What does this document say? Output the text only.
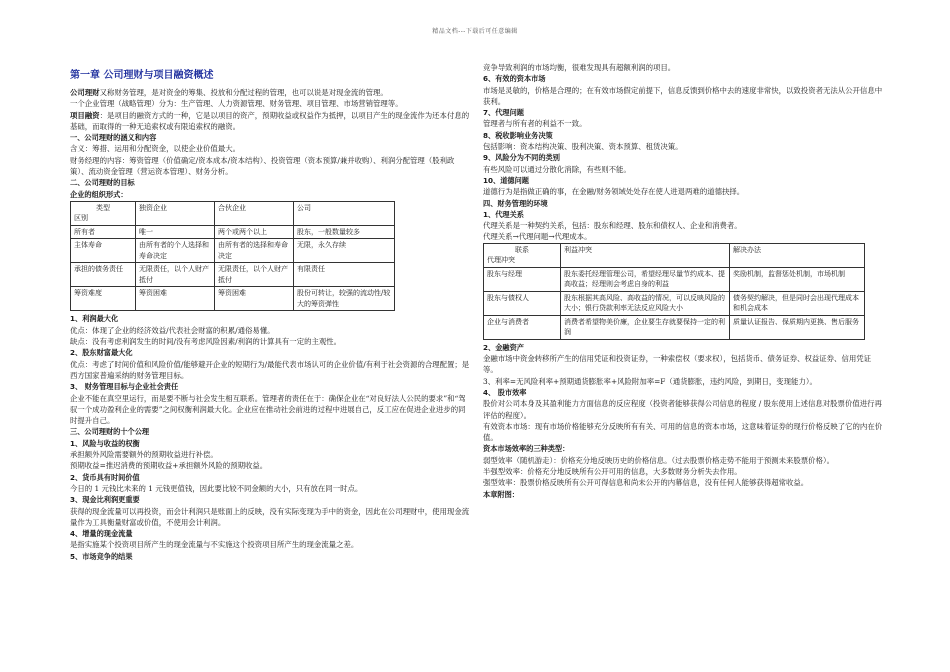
精品文档---下载后可任意编辑
第一章 公司理财与项目融资概述

公司理财又称财务管理，是对资金的筹集、投放和分配过程的管理，也可以说是对现金流的管理。

一个企业管理（战略管理）分为：生产管理、人力资源管理、财务管理、项目管理、市场营销管理等。

项目融资：是项目的融资方式的一种，它是以项目的资产，预期收益或权益作为抵押，以项目产生的现金流作为还本付息的基础，而取得的一种无追索权或有限追索权的融资。

一、公司理财的涵义和内容

含义：筹措、运用和分配资金，以使企业价值最大。

财务经理的内容：筹资管理（价值确定/资本成本/资本结构）、投资管理（资本预算/兼并收购）、利润分配管理（股利政策）、流动资金管理（营运资本管理）、财务分析。

二、公司理财的目标

企业的组织形式：

类型
区别	独资企业	合伙企业	公司
所有者	唯一	两个或两个以上	股东，一般数量较多
主体寿命	由所有者的个人选择和寿命决定	由所有者的选择和寿命决定	无限，永久存续
承担的债务责任	无限责任，以个人财产抵付	无限责任，以个人财产抵付	有限责任
筹资难度	筹资困难	筹资困难	股份可转让，较强的流动性/较大的筹资弹性

1、利润最大化

优点：体现了企业的经济效益/代表社会财富的积累/通俗易懂。

缺点：没有考虑利润发生的时间/没有考虑风险因素/利润的计算具有一定的主观性。

2、股东财富最大化

优点：考虑了时间价值和风险价值/能够避开企业的短期行为/最能代表市场认可的企业价值/有利于社会资源的合理配置；是西方国家普遍采纳的财务管理目标。

3、 财务管理目标与企业社会责任

企业不能在真空里运行，而是要不断与社会发生相互联系。管理者的责任在于：确保企业在“对良好法人公民的要求”和“驾驭一个成功盈利企业的需要”之间权衡利润最大化。企业应在推动社会前进的过程中进展自己，反工应在促进企业进步的同时提升自己。

三、公司理财的十个公理

1、风险与收益的权衡

承担额外风险需要额外的预期收益进行补偿。

预期收益=推迟消费的预期收益+承担额外风险的预期收益。

2、货币具有时间价值

今日的 1 元钱比未来的 1 元钱更值钱，因此要比较不同金额的大小，只有放在同一时点。

3、现金比利润更重要

获得的现金流量可以再投资，而会计利润只是账面上的反映，没有实际变现为手中的资金，因此在公司理财中，使用现金流量作为工具衡量财富或价值，不使用会计利润。

4、增量的现金流量

是指实施某个投资项目所产生的现金流量与不实施这个投资项目所产生的现金流量之差。

5、市场竞争的结果

竞争导致利润的市场均衡，很难发现具有超额利润的项目。

6、有效的资本市场

市场是灵敏的，价格是合理的；在有效市场假定前提下，信息反馈到价格中去的速度非常快，以致投资者无法从公开信息中获利。

7、代理问题

管理者与所有者的利益不一致。

8、税收影响业务决策

包括影响：资本结构决策、股利决策、资本预算、租赁决策。

9、风险分为不同的类别

有些风险可以通过分散化消除，有些则不能。

10、道德问题

道德行为是指做正确的事，在金融/财务领域处处存在使人进退两难的道德抉择。

四、财务管理的环境

1、代理关系

代理关系是一种契约关系，包括：股东和经理、股东和债权人、企业和消费者。

代理关系→代理问题→代理成本。

联系
代理冲突	利益冲突	解决办法
股东与经理	股东委托经理管理公司，希望经理尽量节约成本、提高收益；经理则会考虑自身的利益	奖励机制，监督惩处机制，市场机制
股东与债权人	股东根据其高风险、高收益的情况，可以反映风险的大小；银行贷款利率无法反应风险大小	债务契约解决，但是同时会出现代理成本和机会成本
企业与消费者	消费者希望物美价廉，企业要生存就要保持一定的利润	质量认证报告、保质期内更换、售后服务

2、金融资产

金融市场中资金转移所产生的信用凭证和投资证券，一种索偿权（要求权），包括货币、债务证券、权益证券、信用凭证等。

3、利率=无风险利率+预期通货膨胀率+风险附加率=F（通货膨胀，违约风险，到期日，变现能力）。

4、 股市效率

股价对公司本身及其盈利能力方面信息的反应程度（投资者能够获得公司信息的程度 / 股东使用上述信息对股票价值进行再评估的程度）。

有效资本市场：现有市场价格能够充分反映所有有关、可用的信息的资本市场，这意味着证券的现行价格反映了它的内在价值。

资本市场效率的三种类型：

弱型效率（随机游走）：价格充分地反映历史的价格信息。（过去股票价格走势不能用于预测未来股票价格）。

半强型效率：价格充分地反映所有公开可用的信息，大多数财务分析失去作用。

强型效率：股票价格反映所有公开可得信息和尚未公开的内幕信息，没有任何人能够获得超常收益。

本章附图：
